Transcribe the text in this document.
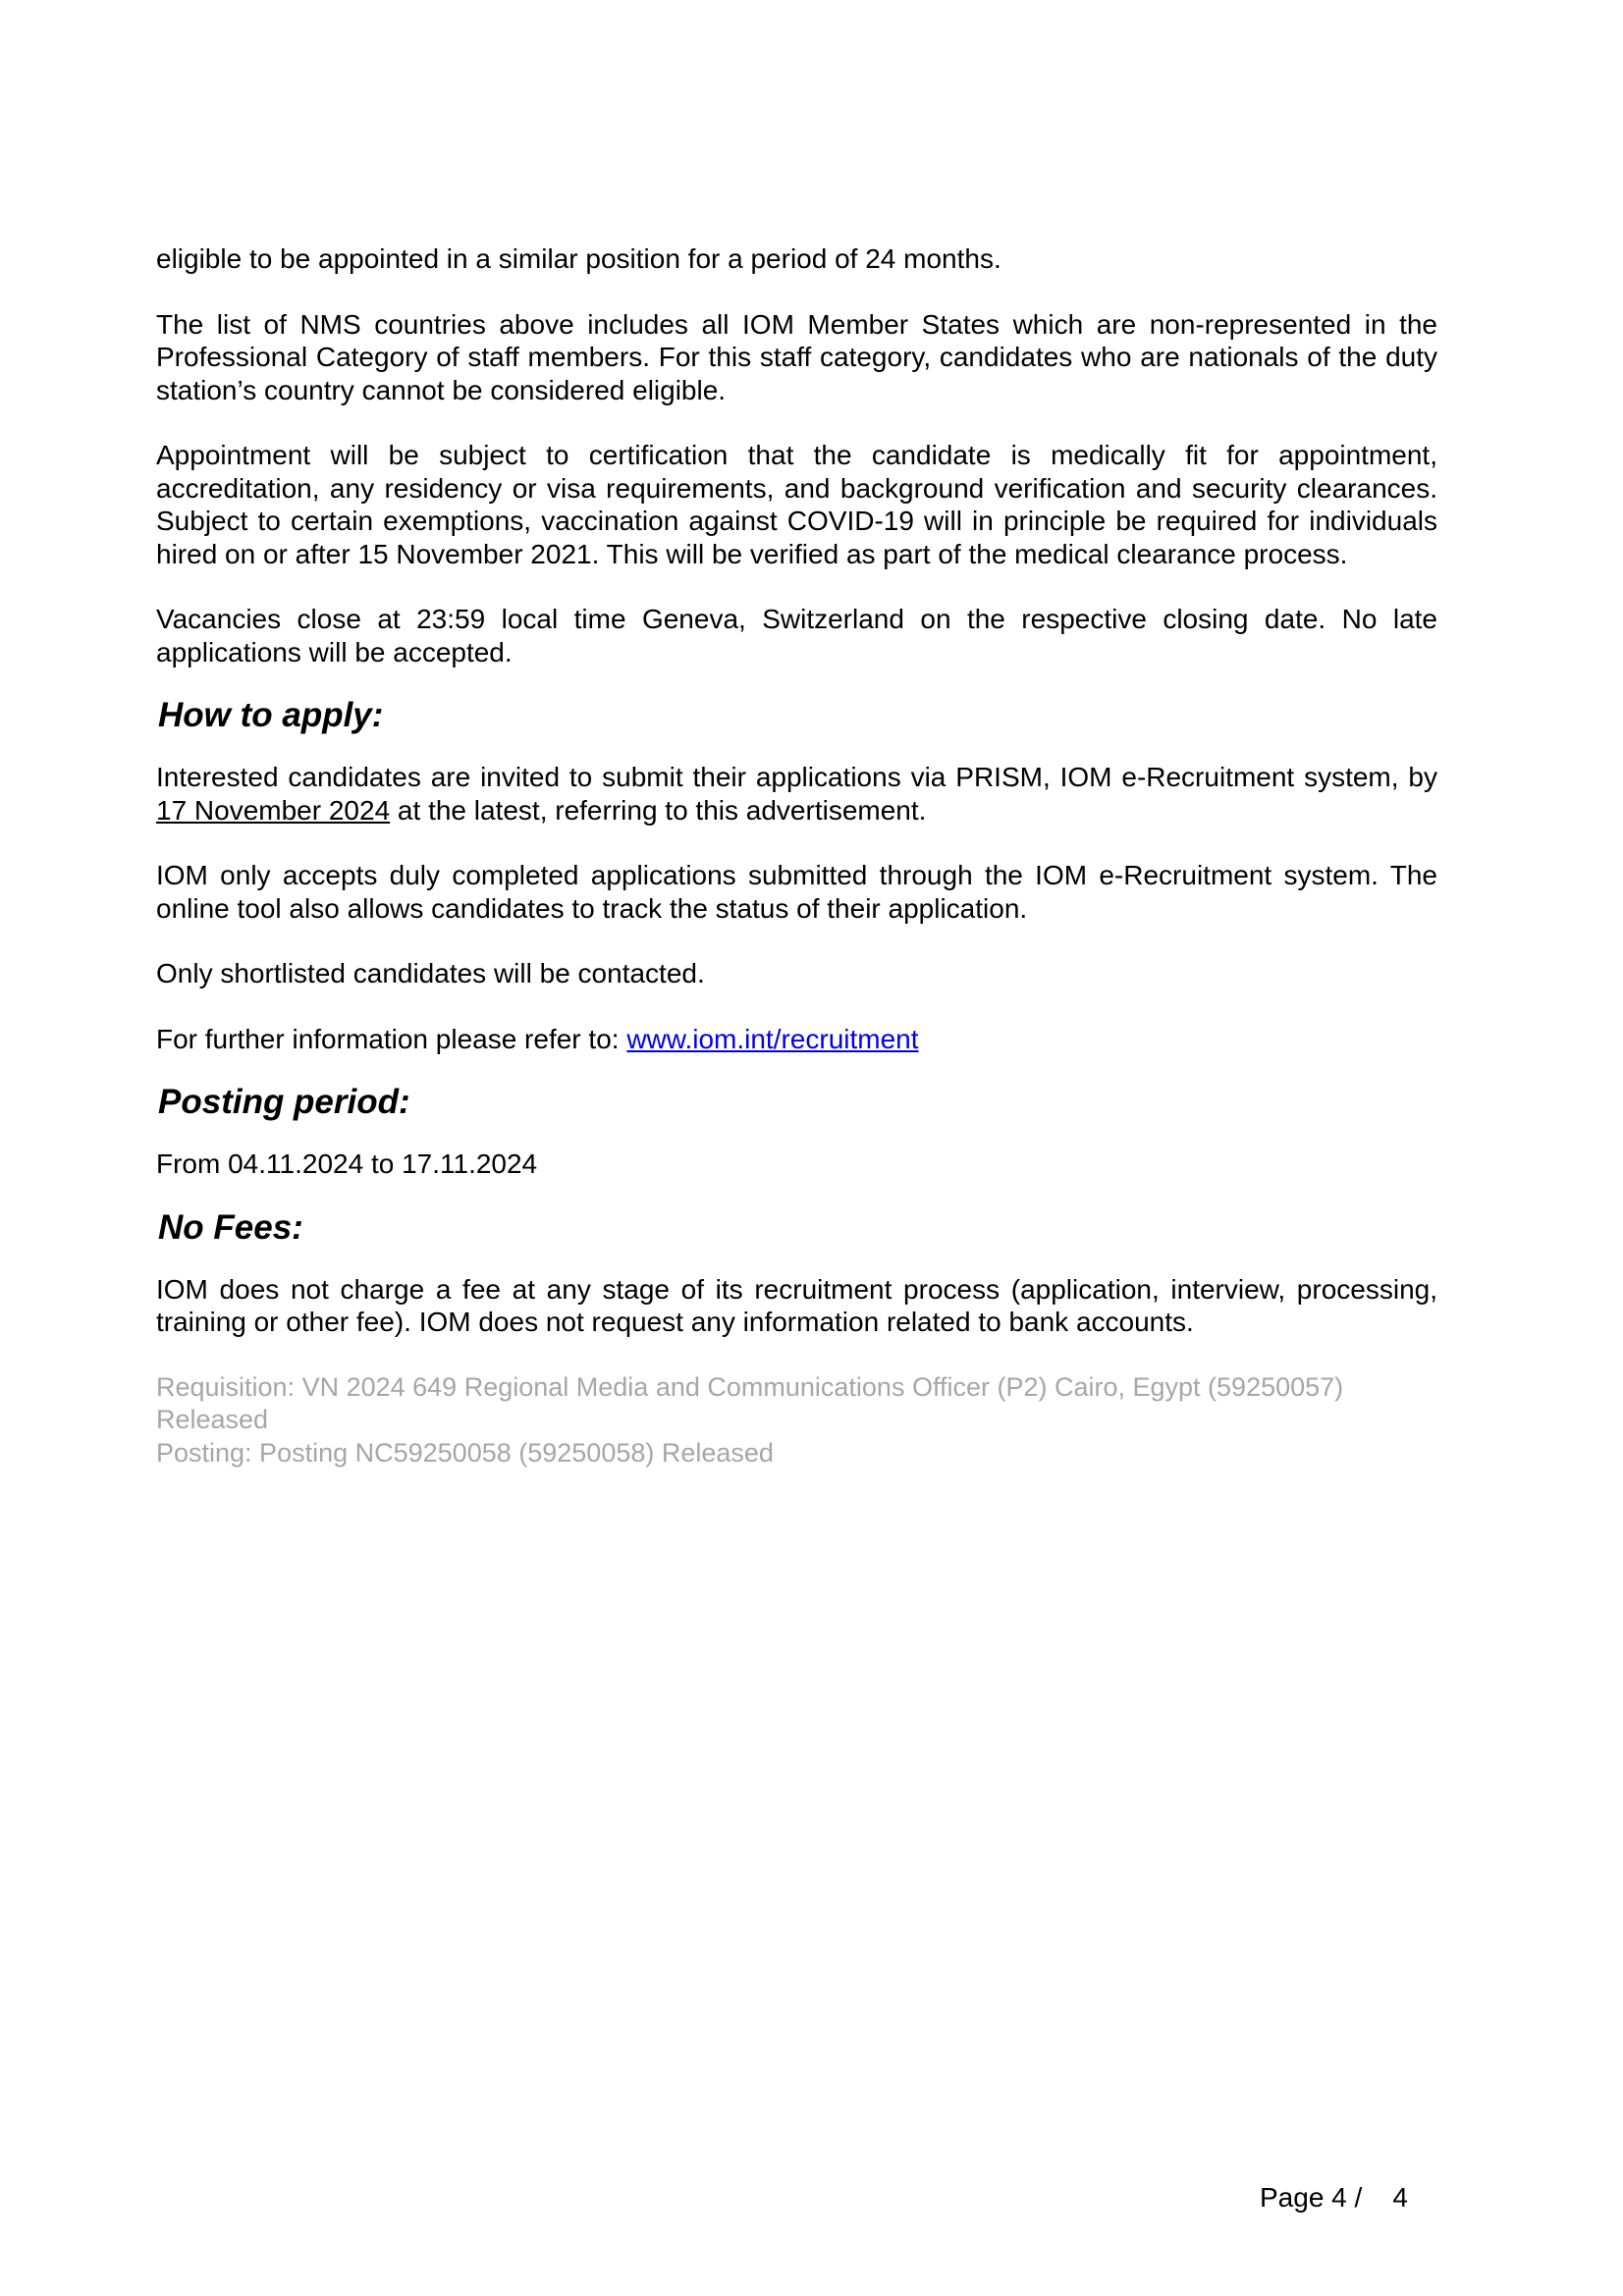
eligible to be appointed in a similar position for a period of 24 months.

The list of NMS countries above includes all IOM Member States which are non-represented in the Professional Category of staff members. For this staff category, candidates who are nationals of the duty station’s country cannot be considered eligible.

Appointment will be subject to certification that the candidate is medically fit for appointment, accreditation, any residency or visa requirements, and background verification and security clearances. Subject to certain exemptions, vaccination against COVID-19 will in principle be required for individuals hired on or after 15 November 2021. This will be verified as part of the medical clearance process.

Vacancies close at 23:59 local time Geneva, Switzerland on the respective closing date. No late applications will be accepted.

How to apply:

Interested candidates are invited to submit their applications via PRISM, IOM e-Recruitment system, by 17 November 2024 at the latest, referring to this advertisement.

IOM only accepts duly completed applications submitted through the IOM e-Recruitment system. The online tool also allows candidates to track the status of their application.

Only shortlisted candidates will be contacted.

For further information please refer to: www.iom.int/recruitment

Posting period:

From 04.11.2024 to 17.11.2024

No Fees:

IOM does not charge a fee at any stage of its recruitment process (application, interview, processing, training or other fee). IOM does not request any information related to bank accounts.

Requisition: VN 2024 649 Regional Media and Communications Officer (P2) Cairo, Egypt (59250057)

Released

Posting: Posting NC59250058 (59250058) Released

Page 4 /    4
